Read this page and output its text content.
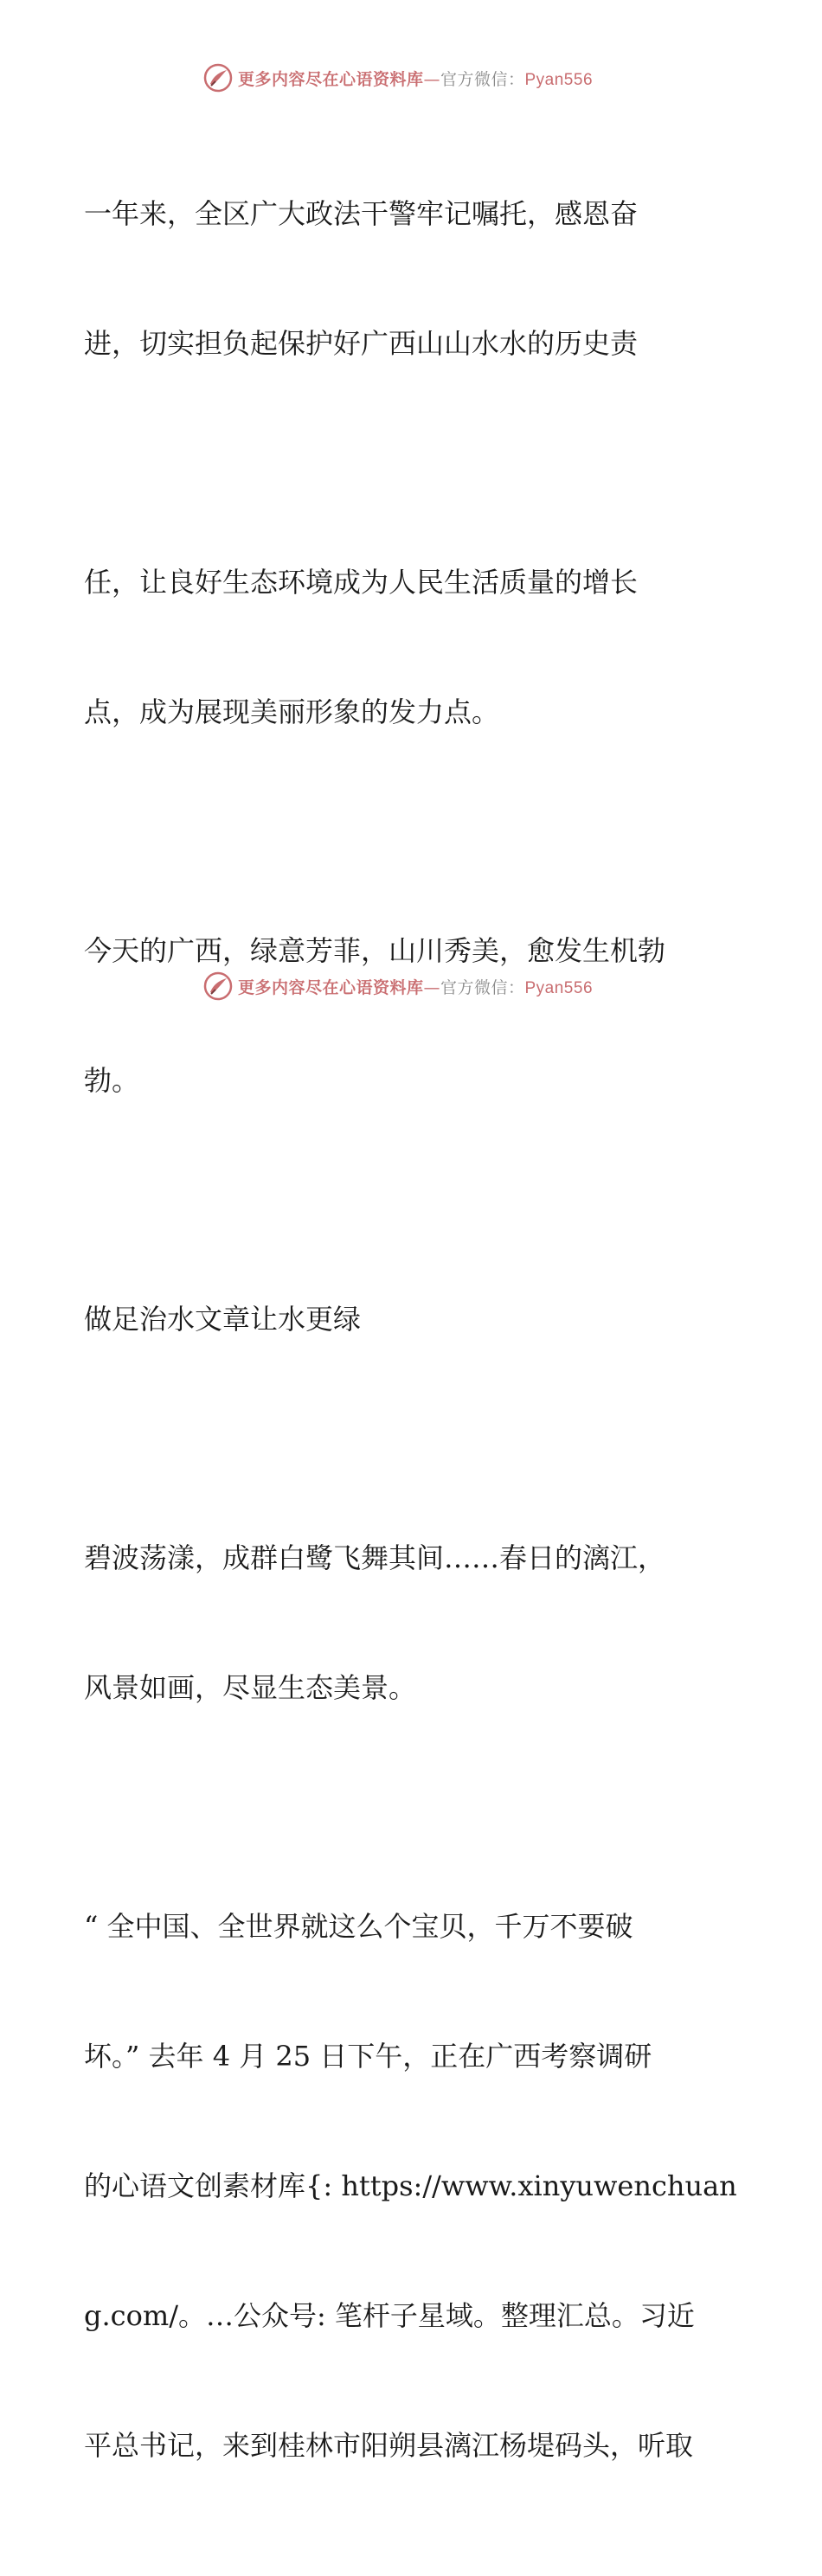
更多内容尽在心语资料库—官方微信：Pyan556

一年来，全区广大政法干警牢记嘱托，感恩奋

进，切实担负起保护好广西山山水水的历史责

任，让良好生态环境成为人民生活质量的增长

点，成为展现美丽形象的发力点。

今天的广西，绿意芳菲，山川秀美，愈发生机勃

勃。

做足治水文章让水更绿

碧波荡漾，成群白鹭飞舞其间……春日的漓江，

风景如画，尽显生态美景。

“ 全中国、全世界就这么个宝贝，千万不要破

坏。” 去年 4 月 25 日下午，正在广西考察调研

的心语文创素材库{: https://www.xinyuwenchuan

g.com/。…公众号: 笔杆子星域。整理汇总。习近

平总书记，来到桂林市阳朔县漓江杨堤码头，听取

更多内容尽在心语资料库—官方微信：Pyan556
